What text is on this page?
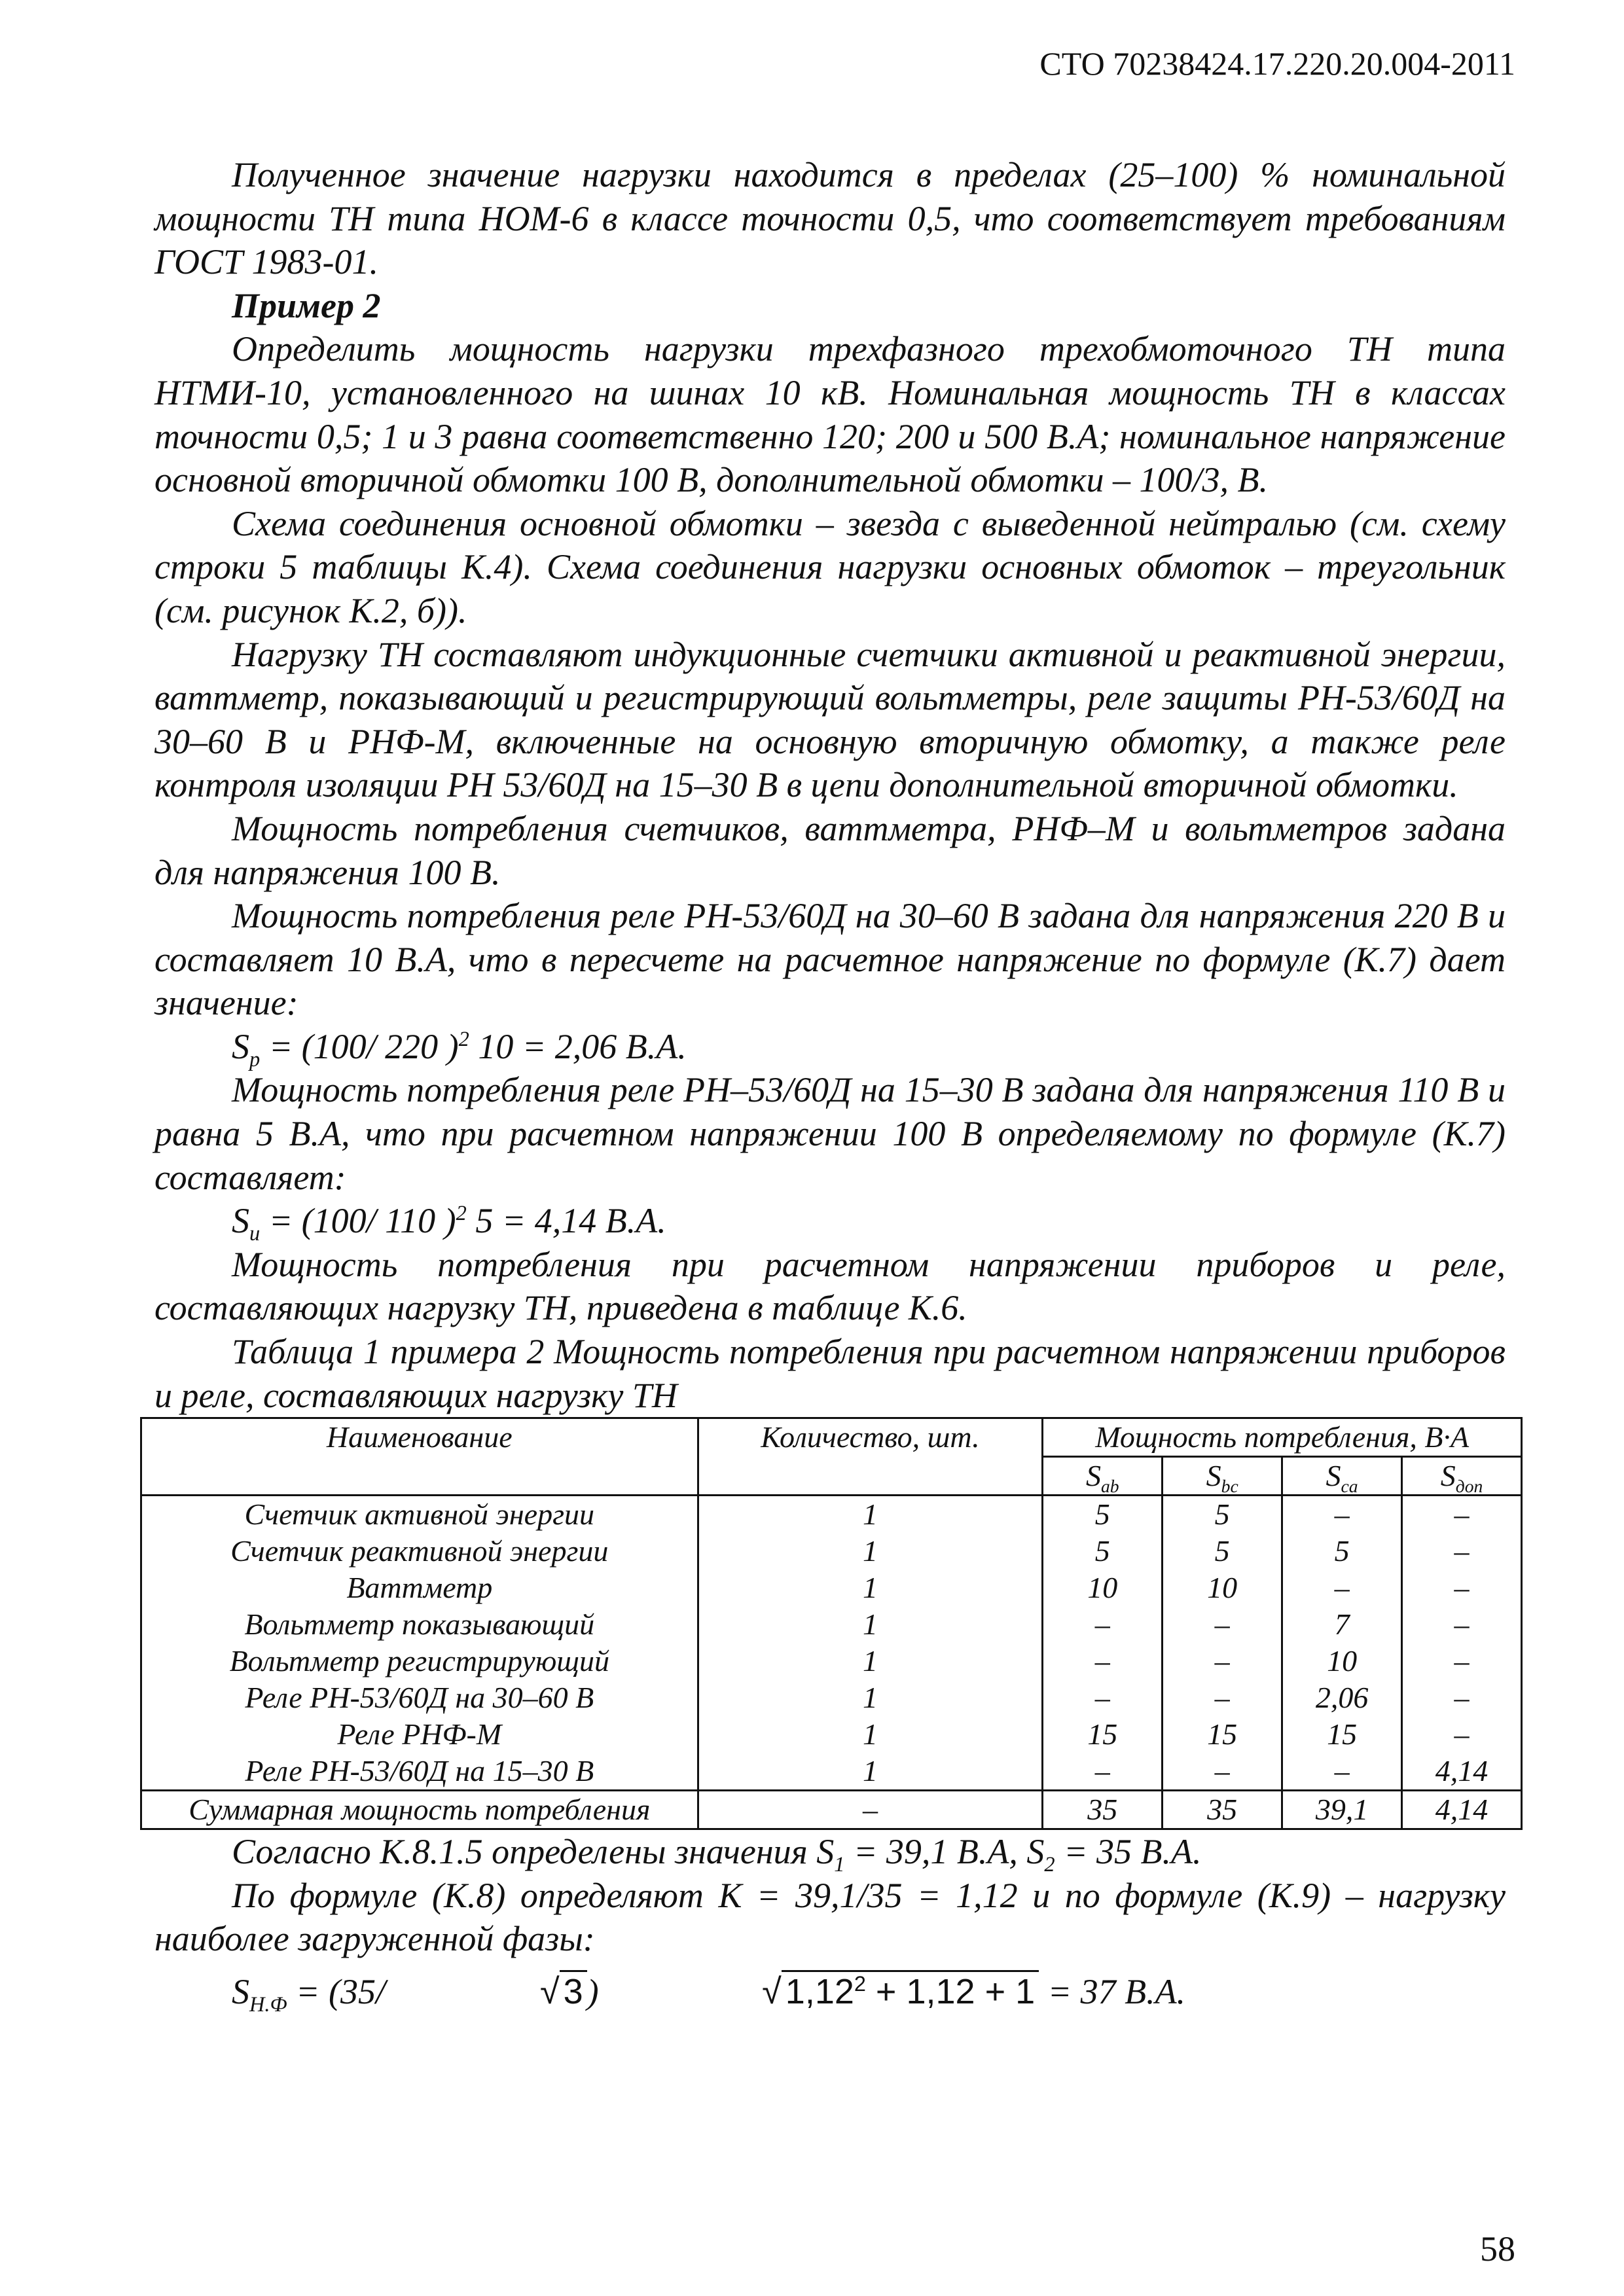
СТО 70238424.17.220.20.004-2011

Полученное значение нагрузки находится в пределах (25–100) % номинальной мощности ТН типа НОМ-6 в классе точности 0,5, что соответствует требованиям ГОСТ 1983-01.

Пример 2

Определить мощность нагрузки трехфазного трехобмоточного ТН типа НТМИ-10, установленного на шинах 10 кВ. Номинальная мощность ТН в классах точности 0,5; 1 и 3 равна соответственно 120; 200 и 500 В.А; номинальное напряжение основной вторичной обмотки 100 В, дополнительной обмотки – 100/3, В.

Схема соединения основной обмотки – звезда с выведенной нейтралью (см. схему строки 5 таблицы К.4). Схема соединения нагрузки основных обмоток – треугольник (см. рисунок К.2, б)).

Нагрузку ТН составляют индукционные счетчики активной и реактивной энергии, ваттметр, показывающий и регистрирующий вольтметры, реле защиты РН-53/60Д на 30–60 В и РНФ-М, включенные на основную вторичную обмотку, а также реле контроля изоляции РН 53/60Д на 15–30 В в цепи дополнительной вторичной обмотки.

Мощность потребления счетчиков, ваттметра, РНФ–М и вольтметров задана для напряжения 100 В.

Мощность потребления реле РН-53/60Д на 30–60 В задана для напряжения 220 В и составляет 10 В.А, что в пересчете на расчетное напряжение по формуле (К.7) дает значение:

$S_р = (100/$ 220 )$^2$ 10 = 2,06 В.А.

Мощность потребления реле РН–53/60Д на 15–30 В задана для напряжения 110 В и равна 5 В.А, что при расчетном напряжении 100 В определяемому по формуле (К.7) составляет:

$S_и = (100/$ 110 )$^2$ 5 = 4,14 В.А.

Мощность потребления при расчетном напряжении приборов и реле, составляющих нагрузку ТН, приведена в таблице К.6.

Таблица 1 примера 2 Мощность потребления при расчетном напряжении приборов и реле, составляющих нагрузку ТН

Наименование	Количество, шт.	Мощность потребления, В·А			
		$S_{ab}$	$S_{bc}$	$S_{ca}$	$S_{доп}$
Счетчик активной энергии	1	5	5	–	–
Счетчик реактивной энергии	1	5	5	5	–
Ваттметр	1	10	10	–	–
Вольтметр показывающий	1	–	–	7	–
Вольтметр регистрирующий	1	–	–	10	–
Реле РН-53/60Д на 30–60 В	1	–	–	2,06	–
Реле РНФ-М	1	15	15	15	–
Реле РН-53/60Д на 15–30 В	1	–	–	–	4,14
Суммарная мощность потребления	–	35	35	39,1	4,14

Согласно К.8.1.5 определены значения $S_1 = 39,1$ В.А, $S_2 = 35$ В.А.

По формуле (К.8) определяют К = 39,1/35 = 1,12 и по формуле (К.9) – нагрузку наиболее загруженной фазы:

$S_{Н.Ф} = (35/$	√ 3 )	√ $1,12^2 + 1,12 + 1 = 37$ В.А.

58
